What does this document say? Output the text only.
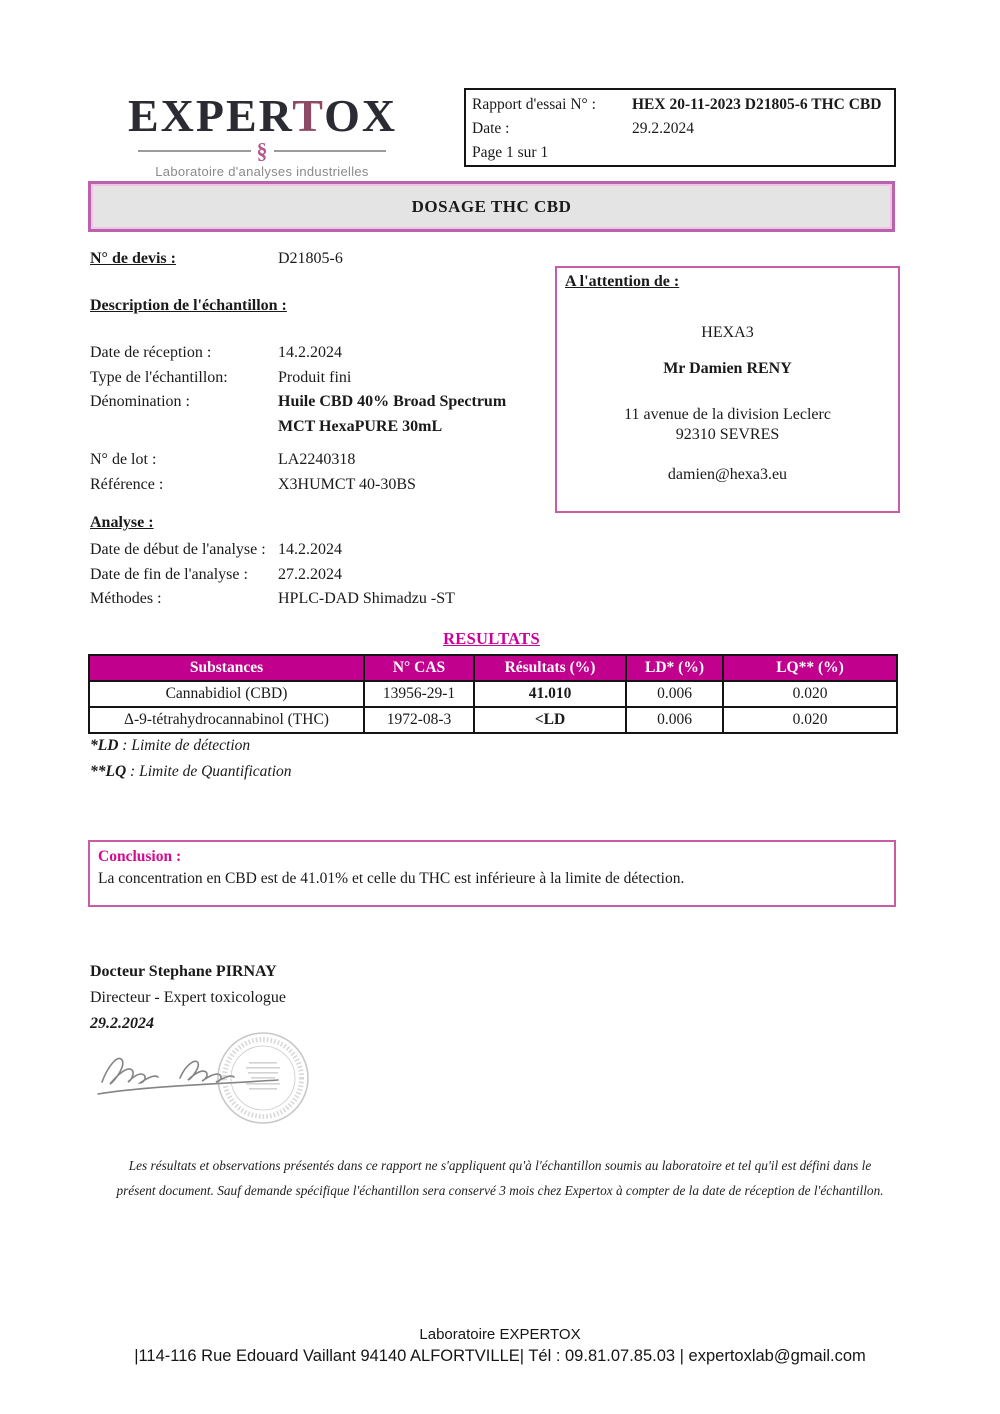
EXPERTOX
§
Laboratoire d'analyses industrielles
Rapport d'essai N° :	HEX 20-11-2023 D21805-6 THC CBD
Date :	29.2.2024
Page 1 sur 1
DOSAGE THC CBD
N° de devis :	D21805-6
Description de l'échantillon :
Date de réception :	14.2.2024
Type de l'échantillon:	Produit fini
Dénomination :	Huile CBD 40% Broad Spectrum
MCT HexaPURE 30mL
N° de lot :	LA2240318
Référence :	X3HUMCT 40-30BS
A l'attention de :
HEXA3
Mr Damien RENY
11 avenue de la division Leclerc
92310 SEVRES
damien@hexa3.eu
Analyse :
Date de début de l'analyse : 14.2.2024
Date de fin de l'analyse :	27.2.2024
Méthodes :	HPLC-DAD Shimadzu -ST
RESULTATS
Substances	N° CAS	Résultats (%)	LD* (%)	LQ** (%)
Cannabidiol (CBD)	13956-29-1	41.010	0.006	0.020
Δ-9-tétrahydrocannabinol (THC)	1972-08-3	<LD	0.006	0.020
*LD : Limite de détection
**LQ : Limite de Quantification
Conclusion :
La concentration en CBD est de 41.01% et celle du THC est inférieure à la limite de détection.
Docteur Stephane PIRNAY
Directeur - Expert toxicologue
29.2.2024
Les résultats et observations présentés dans ce rapport ne s'appliquent qu'à l'échantillon soumis au laboratoire et tel qu'il est défini dans le
présent document. Sauf demande spécifique l'échantillon sera conservé 3 mois chez Expertox à compter de la date de réception de l'échantillon.
Laboratoire EXPERTOX
|114-116 Rue Edouard Vaillant 94140 ALFORTVILLE| Tél : 09.81.07.85.03 | expertoxlab@gmail.com
